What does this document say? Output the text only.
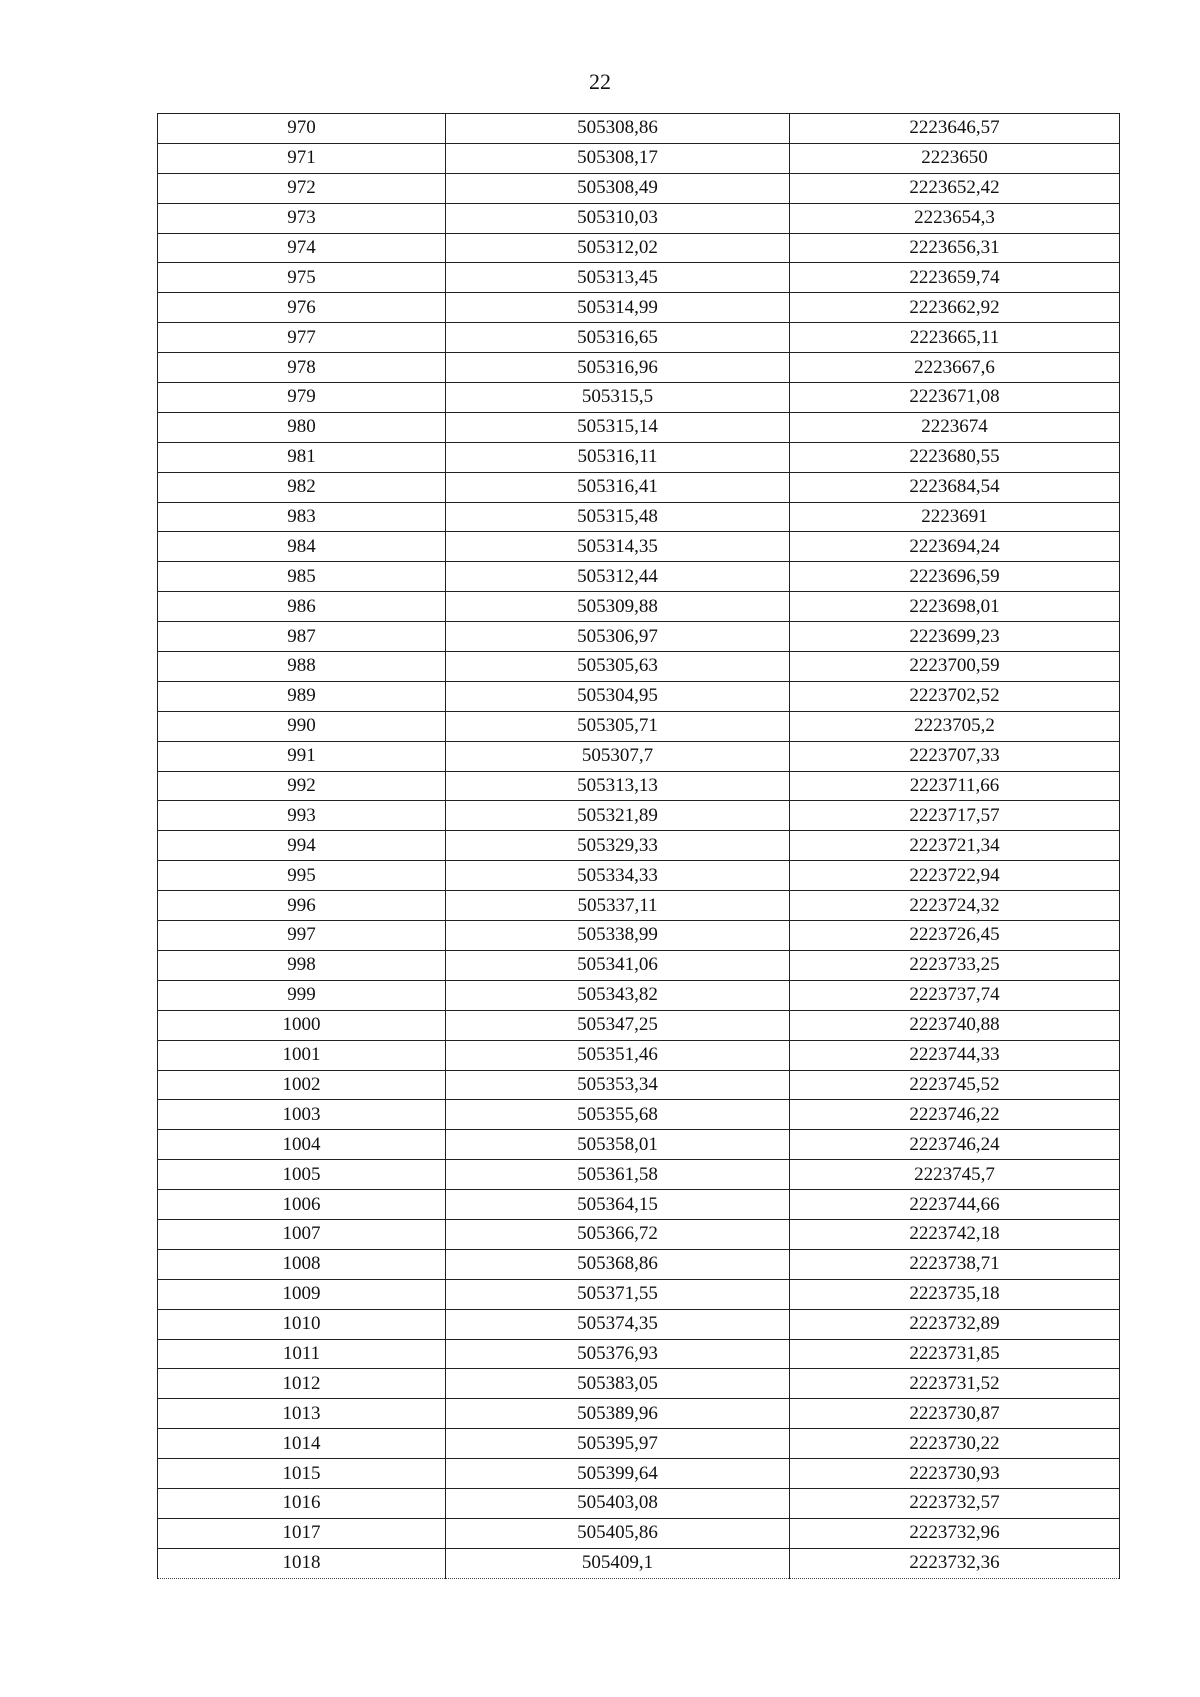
22
970	505308,86	2223646,57
971	505308,17	2223650
972	505308,49	2223652,42
973	505310,03	2223654,3
974	505312,02	2223656,31
975	505313,45	2223659,74
976	505314,99	2223662,92
977	505316,65	2223665,11
978	505316,96	2223667,6
979	505315,5	2223671,08
980	505315,14	2223674
981	505316,11	2223680,55
982	505316,41	2223684,54
983	505315,48	2223691
984	505314,35	2223694,24
985	505312,44	2223696,59
986	505309,88	2223698,01
987	505306,97	2223699,23
988	505305,63	2223700,59
989	505304,95	2223702,52
990	505305,71	2223705,2
991	505307,7	2223707,33
992	505313,13	2223711,66
993	505321,89	2223717,57
994	505329,33	2223721,34
995	505334,33	2223722,94
996	505337,11	2223724,32
997	505338,99	2223726,45
998	505341,06	2223733,25
999	505343,82	2223737,74
1000	505347,25	2223740,88
1001	505351,46	2223744,33
1002	505353,34	2223745,52
1003	505355,68	2223746,22
1004	505358,01	2223746,24
1005	505361,58	2223745,7
1006	505364,15	2223744,66
1007	505366,72	2223742,18
1008	505368,86	2223738,71
1009	505371,55	2223735,18
1010	505374,35	2223732,89
1011	505376,93	2223731,85
1012	505383,05	2223731,52
1013	505389,96	2223730,87
1014	505395,97	2223730,22
1015	505399,64	2223730,93
1016	505403,08	2223732,57
1017	505405,86	2223732,96
1018	505409,1	2223732,36
